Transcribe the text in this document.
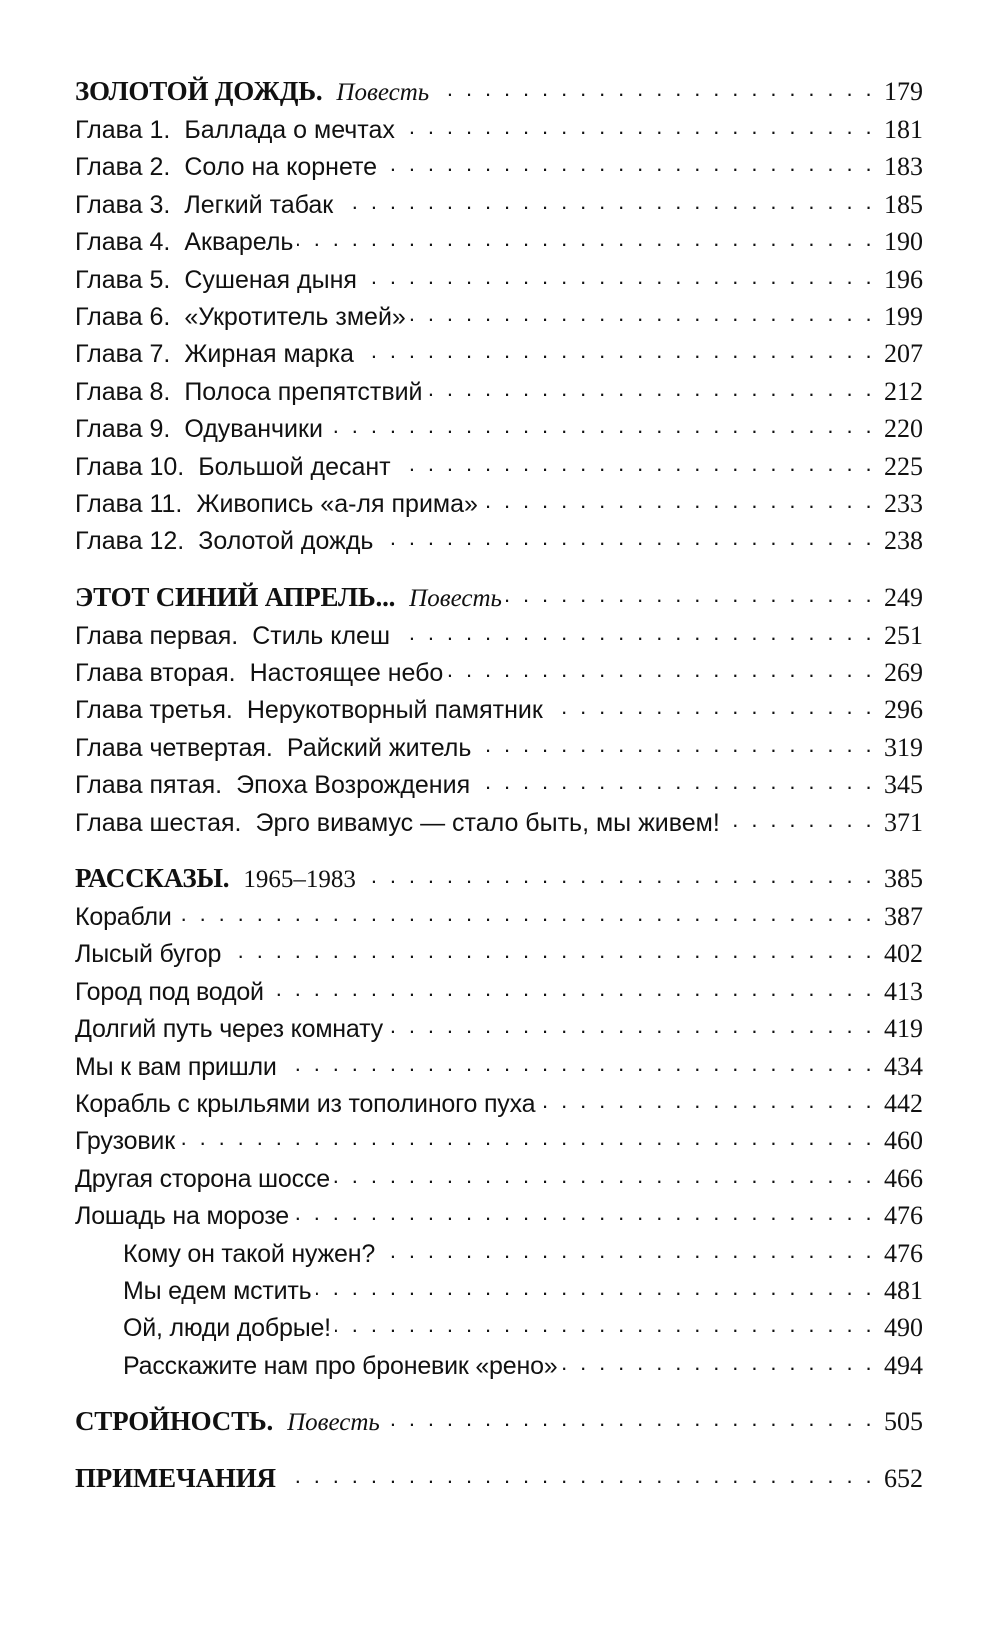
ЗОЛОТОЙ ДОЖДЬ. Повесть . . .	179
Глава 1. Баллада о мечтах . . .	181
Глава 2. Соло на корнете . . .	183
Глава 3. Легкий табак . . .	185
Глава 4. Акварель . . .	190
Глава 5. Сушеная дыня . . .	196
Глава 6. «Укротитель змей» . . .	199
Глава 7. Жирная марка . . .	207
Глава 8. Полоса препятствий . . .	212
Глава 9. Одуванчики . . .	220
Глава 10. Большой десант . . .	225
Глава 11. Живопись «а-ля прима» . . .	233
Глава 12. Золотой дождь . . .	238
ЭТОТ СИНИЙ АПРЕЛЬ... Повесть . . .	249
Глава первая. Стиль клеш . . .	251
Глава вторая. Настоящее небо . . .	269
Глава третья. Нерукотворный памятник . . .	296
Глава четвертая. Райский житель . . .	319
Глава пятая. Эпоха Возрождения . . .	345
Глава шестая. Эрго вивамус — стало быть, мы живем! . . .	371
РАССКАЗЫ. 1965–1983 . . .	385
Корабли . . .	387
Лысый бугор . . .	402
Город под водой . . .	413
Долгий путь через комнату . . .	419
Мы к вам пришли . . .	434
Корабль с крыльями из тополиного пуха . . .	442
Грузовик . . .	460
Другая сторона шоссе . . .	466
Лошадь на морозе . . .	476
Кому он такой нужен? . . .	476
Мы едем мстить . . .	481
Ой, люди добрые! . . .	490
Расскажите нам про броневик «рено» . . .	494
СТРОЙНОСТЬ. Повесть . . .	505
ПРИМЕЧАНИЯ . . .	652
